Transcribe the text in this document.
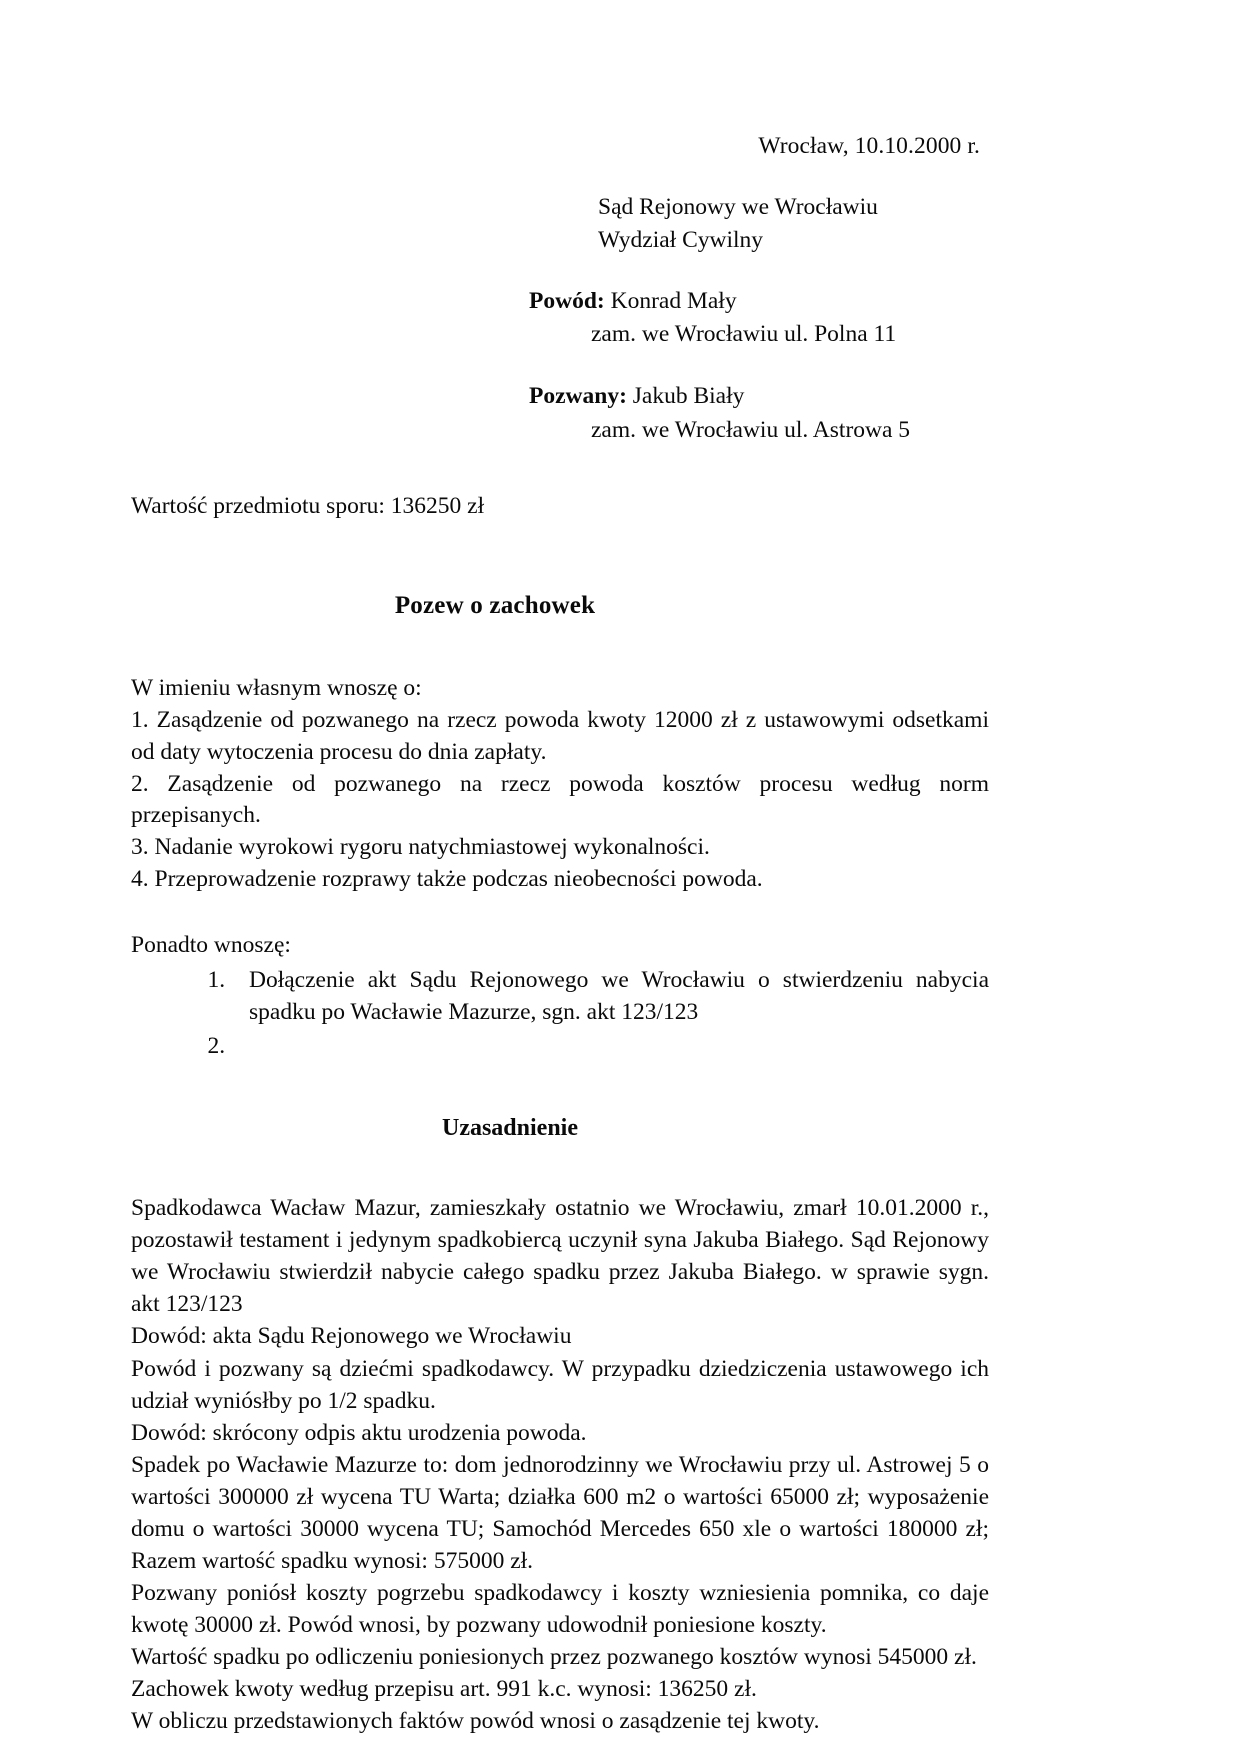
Wrocław, 10.10.2000 r.
Sąd Rejonowy we Wrocławiu
Wydział Cywilny
Powód: Konrad Mały
zam. we Wrocławiu ul. Polna 11
Pozwany: Jakub Biały
zam. we Wrocławiu ul. Astrowa 5
Wartość przedmiotu sporu: 136250 zł
Pozew o zachowek
W imieniu własnym wnoszę o:

1. Zasądzenie od pozwanego na rzecz powoda kwoty 12000 zł z ustawowymi odsetkami od daty wytoczenia procesu do dnia zapłaty.

2. Zasądzenie od pozwanego na rzecz powoda kosztów procesu według norm przepisanych.

3. Nadanie wyrokowi rygoru natychmiastowej wykonalności.

4. Przeprowadzenie rozprawy także podczas nieobecności powoda.

Ponadto wnoszę:
1. Dołączenie akt Sądu Rejonowego we Wrocławiu o stwierdzeniu nabycia spadku po Wacławie Mazurze, sgn. akt 123/123
2.
Uzasadnienie

Spadkodawca Wacław Mazur, zamieszkały ostatnio we Wrocławiu, zmarł 10.01.2000 r., pozostawił testament i jedynym spadkobiercą uczynił syna Jakuba Białego. Sąd Rejonowy we Wrocławiu stwierdził nabycie całego spadku przez Jakuba Białego. w sprawie sygn. akt 123/123

Dowód: akta Sądu Rejonowego we Wrocławiu

Powód i pozwany są dziećmi spadkodawcy. W przypadku dziedziczenia ustawowego ich udział wyniósłby po 1/2 spadku.

Dowód: skrócony odpis aktu urodzenia powoda.

Spadek po Wacławie Mazurze to: dom jednorodzinny we Wrocławiu przy ul. Astrowej 5 o wartości 300000 zł wycena TU Warta; działka 600 m2 o wartości 65000 zł; wyposażenie domu o wartości 30000 wycena TU; Samochód Mercedes 650 xle o wartości 180000 zł; Razem wartość spadku wynosi: 575000 zł.

Pozwany poniósł koszty pogrzebu spadkodawcy i koszty wzniesienia pomnika, co daje kwotę 30000 zł. Powód wnosi, by pozwany udowodnił poniesione koszty.

Wartość spadku po odliczeniu poniesionych przez pozwanego kosztów wynosi 545000 zł.

Zachowek kwoty według przepisu art. 991 k.c. wynosi: 136250 zł.

W obliczu przedstawionych faktów powód wnosi o zasądzenie tej kwoty.
